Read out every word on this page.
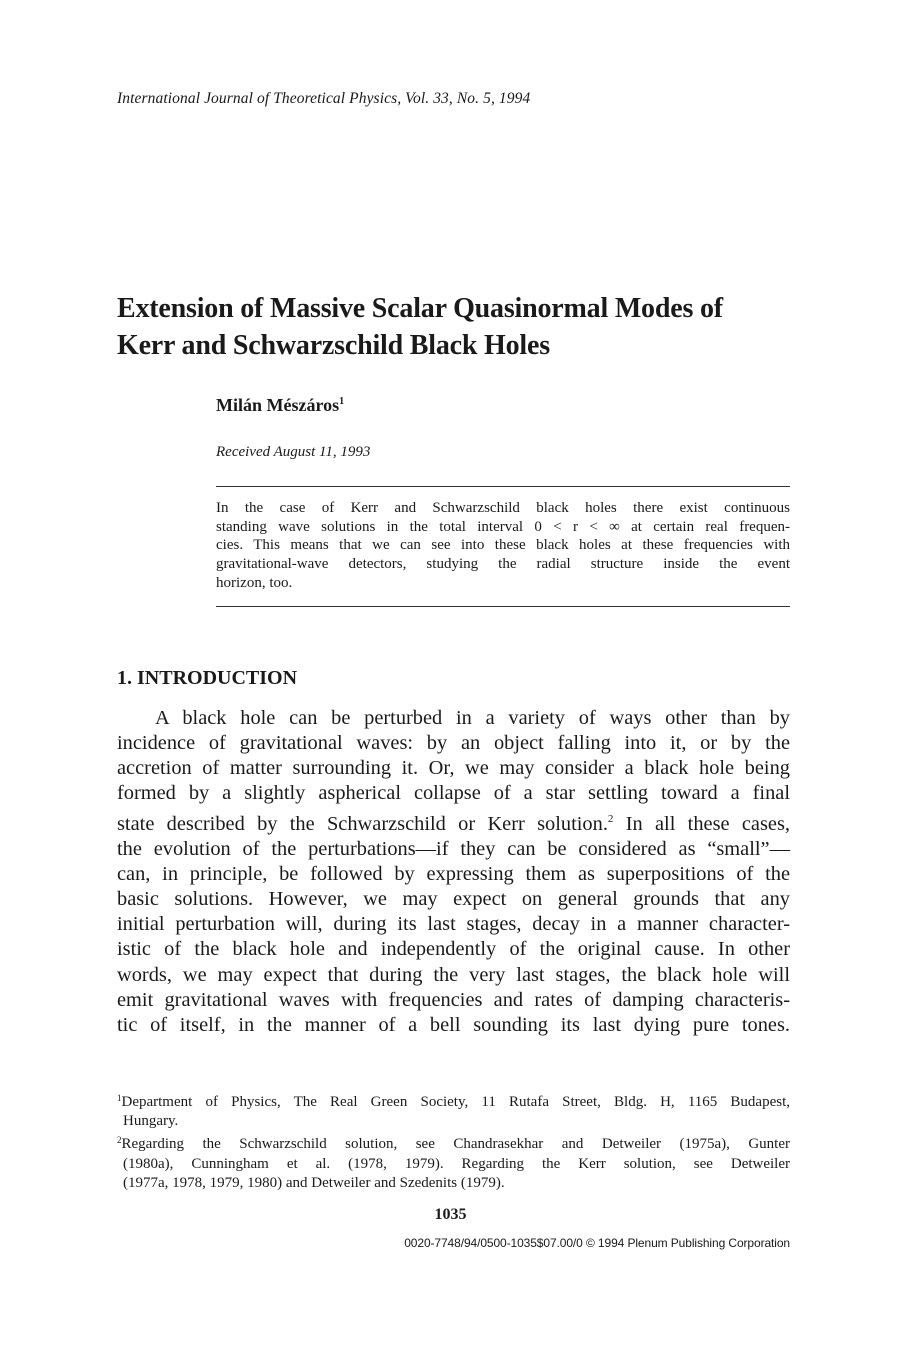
International Journal of Theoretical Physics, Vol. 33, No. 5, 1994
Extension of Massive Scalar Quasinormal Modes of
Kerr and Schwarzschild Black Holes
Milán Mészáros$^1$
Received August 11, 1993
In the case of Kerr and Schwarzschild black holes there exist continuous
standing wave solutions in the total interval 0 < r < ∞ at certain real frequen-
cies. This means that we can see into these black holes at these frequencies with
gravitational-wave detectors, studying the radial structure inside the event
horizon, too.
1. INTRODUCTION
A black hole can be perturbed in a variety of ways other than by
incidence of gravitational waves: by an object falling into it, or by the
accretion of matter surrounding it. Or, we may consider a black hole being
formed by a slightly aspherical collapse of a star settling toward a final
state described by the Schwarzschild or Kerr solution.$^2$ In all these cases,
the evolution of the perturbations—if they can be considered as “small”—
can, in principle, be followed by expressing them as superpositions of the
basic solutions. However, we may expect on general grounds that any
initial perturbation will, during its last stages, decay in a manner character-
istic of the black hole and independently of the original cause. In other
words, we may expect that during the very last stages, the black hole will
emit gravitational waves with frequencies and rates of damping characteris-
tic of itself, in the manner of a bell sounding its last dying pure tones.
$^1$Department of Physics, The Real Green Society, 11 Rutafa Street, Bldg. H, 1165 Budapest,
Hungary.
$^2$Regarding the Schwarzschild solution, see Chandrasekhar and Detweiler (1975a), Gunter
(1980a), Cunningham et al. (1978, 1979). Regarding the Kerr solution, see Detweiler
(1977a, 1978, 1979, 1980) and Detweiler and Szedenits (1979).
1035
0020-7748/94/0500-1035$07.00/0 © 1994 Plenum Publishing Corporation
